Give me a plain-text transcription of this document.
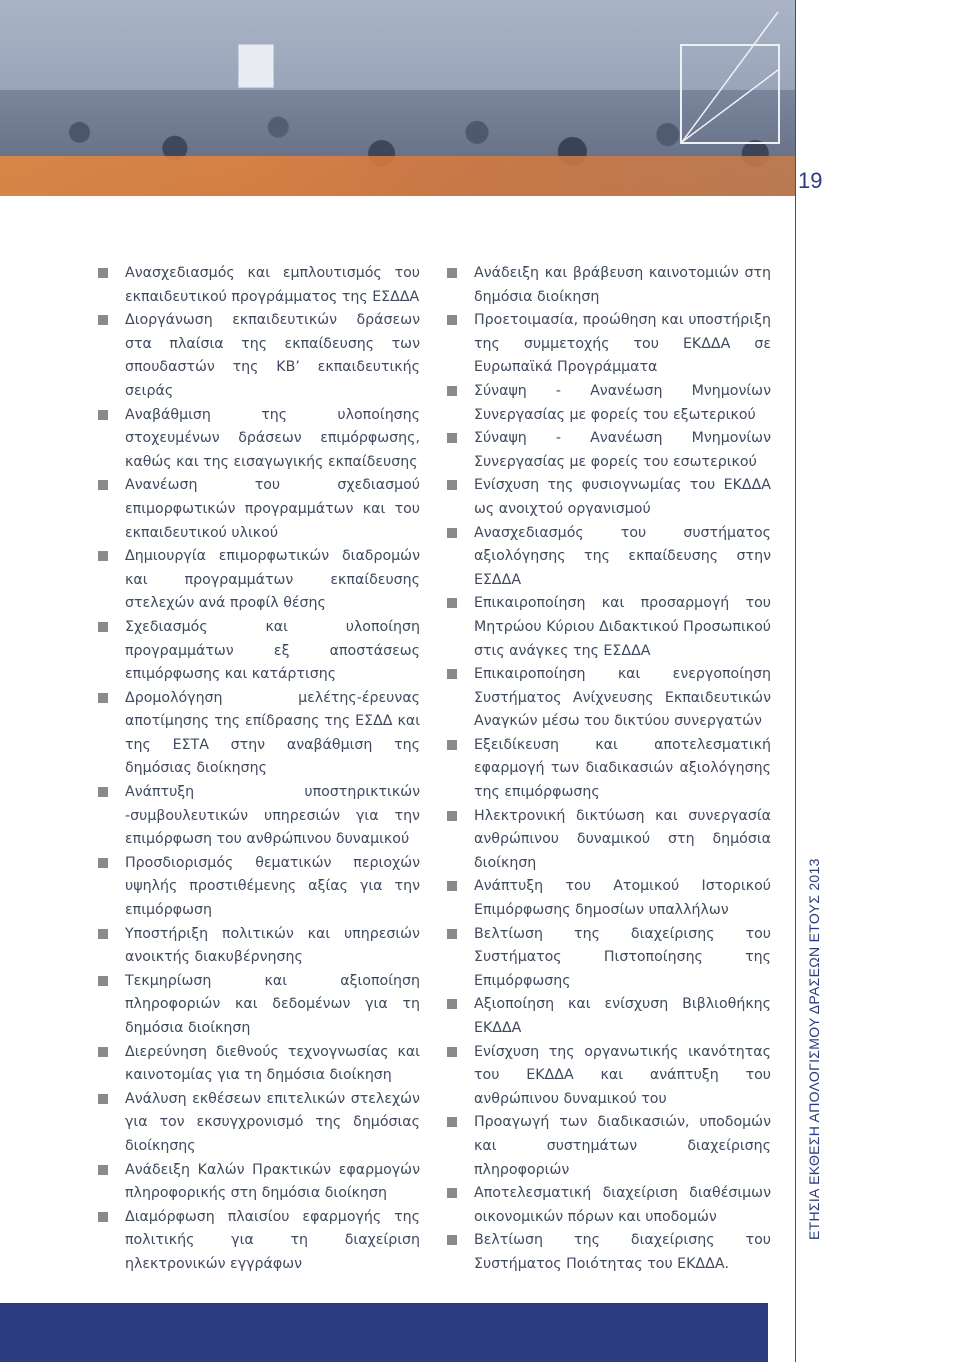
19
ΕΤΗΣΙΑ ΕΚΘΕΣΗ ΑΠΟΛΟΓΙΣΜΟΥ ΔΡΑΣΕΩΝ ΕΤΟΥΣ 2013
Ανασχεδιασμός και εμπλουτισμός του εκπαιδευτικού προγράμματος της ΕΣΔΔΑ
Διοργάνωση εκπαιδευτικών δράσεων στα πλαίσια της εκπαίδευσης των σπουδαστών της ΚΒ’ εκπαιδευτικής σειράς
Αναβάθμιση της υλοποίησης στοχευμένων δράσεων επιμόρφωσης, καθώς και της εισαγωγικής εκπαίδευσης
Ανανέωση του σχεδιασμού επιμορφωτικών προγραμμάτων και του εκπαιδευτικού υλικού
Δημιουργία επιμορφωτικών διαδρομών και προγραμμάτων εκπαίδευσης στελεχών ανά προφίλ θέσης
Σχεδιασμός και υλοποίηση προγραμμάτων εξ αποστάσεως επιμόρφωσης και κατάρτισης
Δρομολόγηση μελέτης-έρευνας αποτίμησης της επίδρασης της ΕΣΔΔ και της ΕΣΤΑ στην αναβάθμιση της δημόσιας διοίκησης
Ανάπτυξη υποστηρικτικών -συμβουλευτικών υπηρεσιών για την επιμόρφωση του ανθρώπινου δυναμικού
Προσδιορισμός θεματικών περιοχών υψηλής προστιθέμενης αξίας για την επιμόρφωση
Υποστήριξη πολιτικών και υπηρεσιών ανοικτής διακυβέρνησης
Τεκμηρίωση και αξιοποίηση πληροφοριών και δεδομένων για τη δημόσια διοίκηση
Διερεύνηση διεθνούς τεχνογνωσίας και καινοτομίας για τη δημόσια διοίκηση
Ανάλυση εκθέσεων επιτελικών στελεχών για τον εκσυγχρονισμό της δημόσιας διοίκησης
Ανάδειξη Καλών Πρακτικών εφαρμογών πληροφορικής στη δημόσια διοίκηση
Διαμόρφωση πλαισίου εφαρμογής της πολιτικής για τη διαχείριση ηλεκτρονικών εγγράφων
Ανάδειξη και βράβευση καινοτομιών στη δημόσια διοίκηση
Προετοιμασία, προώθηση και υποστήριξη της συμμετοχής του ΕΚΔΔΑ σε Ευρωπαϊκά Προγράμματα
Σύναψη - Ανανέωση Μνημονίων Συνεργασίας με φορείς του εξωτερικού
Σύναψη - Ανανέωση Μνημονίων Συνεργασίας με φορείς του εσωτερικού
Ενίσχυση της φυσιογνωμίας του ΕΚΔΔΑ ως ανοιχτού οργανισμού
Ανασχεδιασμός του συστήματος αξιολόγησης της εκπαίδευσης στην ΕΣΔΔΑ
Επικαιροποίηση και προσαρμογή του Μητρώου Κύριου Διδακτικού Προσωπικού στις ανάγκες της ΕΣΔΔΑ
Επικαιροποίηση και ενεργοποίηση Συστήματος Ανίχνευσης Εκπαιδευτικών Αναγκών μέσω του δικτύου συνεργατών
Εξειδίκευση και αποτελεσματική εφαρμογή των διαδικασιών αξιολόγησης της επιμόρφωσης
Ηλεκτρονική δικτύωση και συνεργασία ανθρώπινου δυναμικού στη δημόσια διοίκηση
Ανάπτυξη του Ατομικού Ιστορικού Επιμόρφωσης δημοσίων υπαλλήλων
Βελτίωση της διαχείρισης του Συστήματος Πιστοποίησης της Επιμόρφωσης
Αξιοποίηση και ενίσχυση Βιβλιοθήκης ΕΚΔΔΑ
Ενίσχυση της οργανωτικής ικανότητας του ΕΚΔΔΑ και ανάπτυξη του ανθρώπινου δυναμικού του
Προαγωγή των διαδικασιών, υποδομών και συστημάτων διαχείρισης πληροφοριών
Αποτελεσματική διαχείριση διαθέσιμων οικονομικών πόρων και υποδομών
Βελτίωση της διαχείρισης του Συστήματος Ποιότητας του ΕΚΔΔΑ.
